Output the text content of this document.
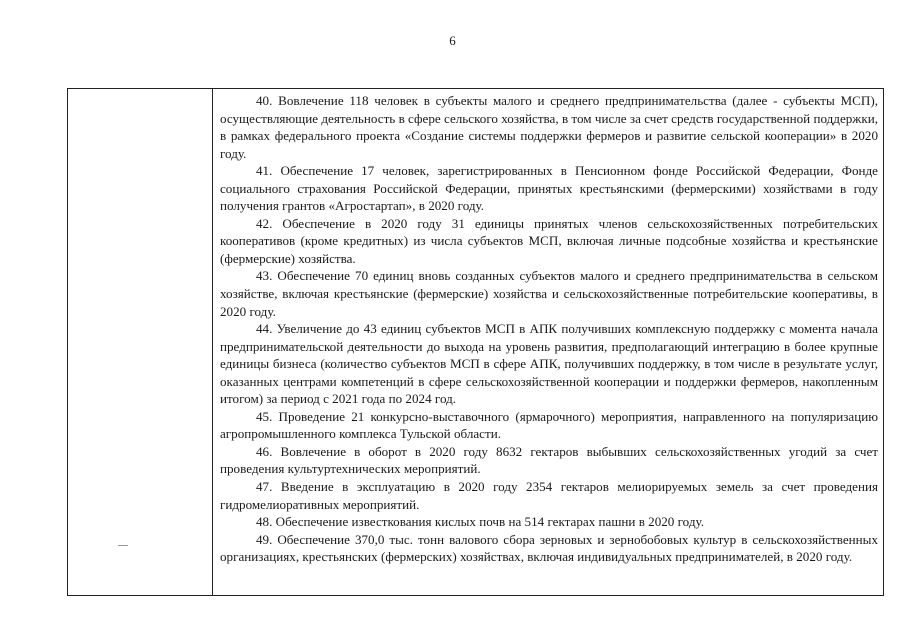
6

40. Вовлечение 118 человек в субъекты малого и среднего предпринимательства (далее - субъекты МСП), осуществляющие деятельность в сфере сельского хозяйства, в том числе за счет средств государственной поддержки, в рамках федерального проекта «Создание системы поддержки фермеров и развитие сельской кооперации» в 2020 году.

41. Обеспечение 17 человек, зарегистрированных в Пенсионном фонде Российской Федерации, Фонде социального страхования Российской Федерации, принятых крестьянскими (фермерскими) хозяйствами в году получения грантов «Агростартап», в 2020 году.

42. Обеспечение в 2020 году 31 единицы принятых членов сельскохозяйственных потребительских кооперативов (кроме кредитных) из числа субъектов МСП, включая личные подсобные хозяйства и крестьянские (фермерские) хозяйства.

43. Обеспечение 70 единиц вновь созданных субъектов малого и среднего предпринимательства в сельском хозяйстве, включая крестьянские (фермерские) хозяйства и сельскохозяйственные потребительские кооперативы, в 2020 году.

44. Увеличение до 43 единиц субъектов МСП в АПК получивших комплексную поддержку с момента начала предпринимательской деятельности до выхода на уровень развития, предполагающий интеграцию в более крупные единицы бизнеса (количество субъектов МСП в сфере АПК, получивших поддержку, в том числе в результате услуг, оказанных центрами компетенций в сфере сельскохозяйственной кооперации и поддержки фермеров, накопленным итогом) за период с 2021 года по 2024 год.

45. Проведение 21 конкурсно-выставочного (ярмарочного) мероприятия, направленного на популяризацию агропромышленного комплекса Тульской области.

46. Вовлечение в оборот в 2020 году 8632 гектаров выбывших сельскохозяйственных угодий за счет проведения культуртехнических мероприятий.

47. Введение в эксплуатацию в 2020 году 2354 гектаров мелиорируемых земель за счет проведения гидромелиоративных мероприятий.

48. Обеспечение известкования кислых почв на 514 гектарах пашни в 2020 году.

49. Обеспечение 370,0 тыс. тонн валового сбора зерновых и зернобобовых культур в сельскохозяйственных организациях, крестьянских (фермерских) хозяйствах, включая индивидуальных предпринимателей, в 2020 году.
